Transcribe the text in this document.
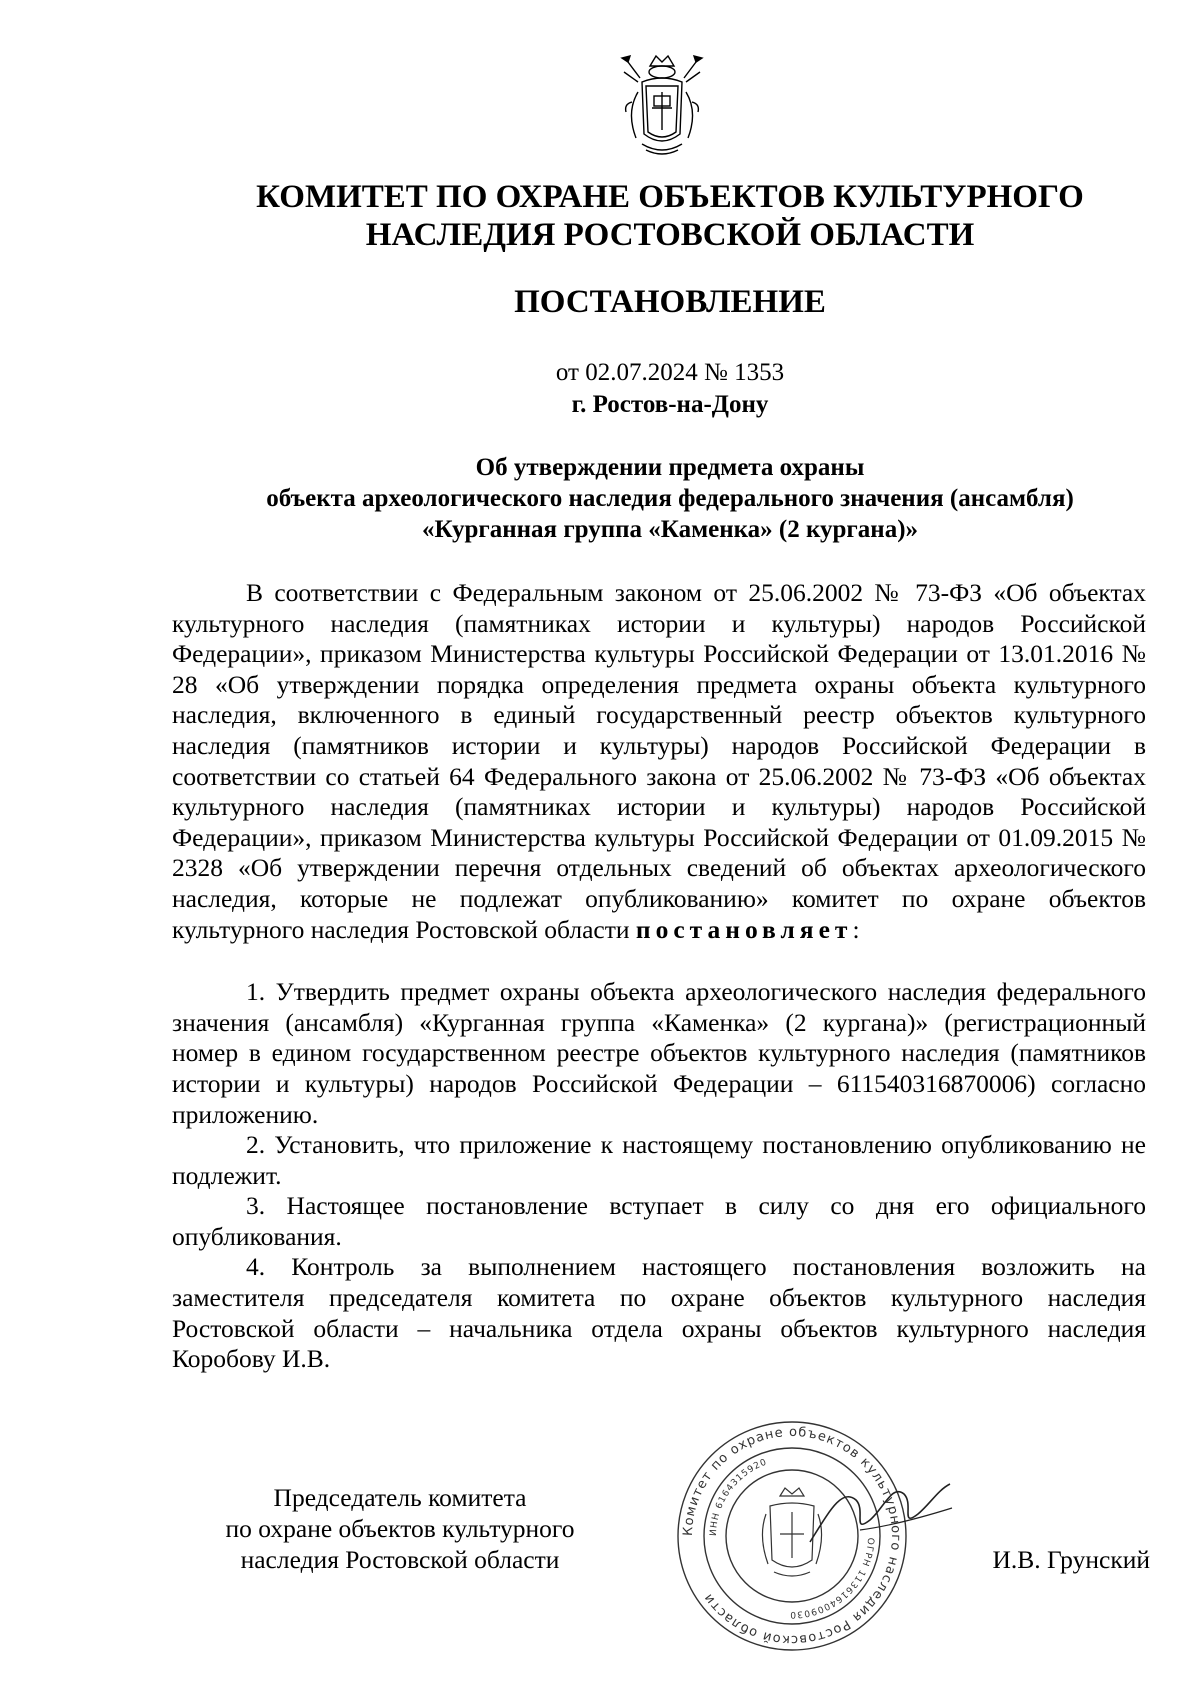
КОМИТЕТ ПО ОХРАНЕ ОБЪЕКТОВ КУЛЬТУРНОГО
НАСЛЕДИЯ РОСТОВСКОЙ ОБЛАСТИ
ПОСТАНОВЛЕНИЕ
от 02.07.2024 № 1353
г. Ростов-на-Дону
Об утверждении предмета охраны
объекта археологического наследия федерального значения (ансамбля)
«Курганная группа «Каменка» (2 кургана)»

В соответствии с Федеральным законом от 25.06.2002 № 73-ФЗ «Об объектах культурного наследия (памятниках истории и культуры) народов Российской Федерации», приказом Министерства культуры Российской Федерации от 13.01.2016 № 28 «Об утверждении порядка определения предмета охраны объекта культурного наследия, включенного в единый государственный реестр объектов культурного наследия (памятников истории и культуры) народов Российской Федерации в соответствии со статьей 64 Федерального закона от 25.06.2002 № 73-ФЗ «Об объектах культурного наследия (памятниках истории и культуры) народов Российской Федерации», приказом Министерства культуры Российской Федерации от 01.09.2015 № 2328 «Об утверждении перечня отдельных сведений об объектах археологического наследия, которые не подлежат опубликованию» комитет по охране объектов культурного наследия Ростовской области постановляет:

1. Утвердить предмет охраны объекта археологического наследия федерального значения (ансамбля) «Курганная группа «Каменка» (2 кургана)» (регистрационный номер в едином государственном реестре объектов культурного наследия (памятников истории и культуры) народов Российской Федерации – 611540316870006) согласно приложению.

2. Установить, что приложение к настоящему постановлению опубликованию не подлежит.

3. Настоящее постановление вступает в силу со дня его официального опубликования.

4. Контроль за выполнением настоящего постановления возложить на заместителя председателя комитета по охране объектов культурного наследия Ростовской области – начальника отдела охраны объектов культурного наследия Коробову И.В.

Председатель комитета
по охране объектов культурного
наследия Ростовской области
Комитет по охране объектов культурного наследия Ростовской области
ИНН 6164315920
ОГРН 1136164009030
И.В. Грунский
